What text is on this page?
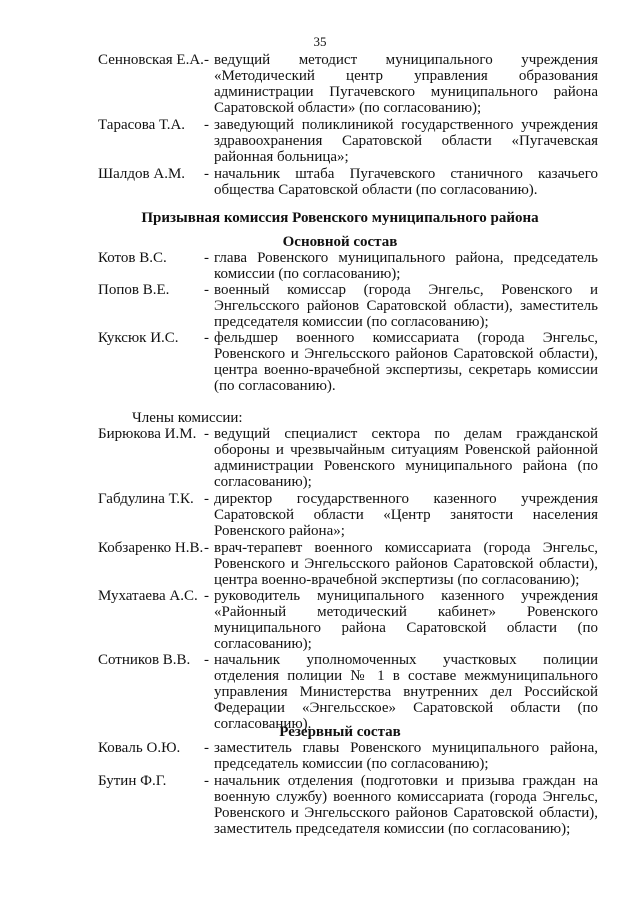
35
Сенновская Е.А. - ведущий методист муниципального учреждения «Методический центр управления образования администрации Пугачевского муниципального района Саратовской области» (по согласованию);
Тарасова Т.А.	- заведующий поликлиникой государственного учреждения здравоохранения Саратовской области «Пугачевская районная больница»;
Шалдов А.М.	- начальник штаба Пугачевского станичного казачьего общества Саратовской области (по согласованию).
Призывная комиссия Ровенского муниципального района
Основной состав
Котов В.С.	- глава Ровенского муниципального района, председатель комиссии (по согласованию);
Попов В.Е.	- военный комиссар (города Энгельс, Ровенского и Энгельсского районов Саратовской области), заместитель председателя комиссии (по согласованию);
Куксюк И.С.	- фельдшер военного комиссариата (города Энгельс, Ровенского и Энгельсского районов Саратовской области), центра военно-врачебной экспертизы, секретарь комиссии (по согласованию).
Члены комиссии:
Бирюкова И.М. - ведущий специалист сектора по делам гражданской обороны и чрезвычайным ситуациям Ровенской районной администрации Ровенского муниципального района (по согласованию);
Габдулина Т.К. - директор государственного казенного учреждения Саратовской области «Центр занятости населения Ровенского района»;
Кобзаренко Н.В. - врач-терапевт военного комиссариата (города Энгельс, Ровенского и Энгельсского районов Саратовской области), центра военно-врачебной экспертизы (по согласованию);
Мухатаева А.С. - руководитель муниципального казенного учреждения «Районный методический кабинет» Ровенского муниципального района Саратовской области (по согласованию);
Сотников В.В. - начальник уполномоченных участковых полиции отделения полиции № 1 в составе межмуниципального управления Министерства внутренних дел Российской Федерации «Энгельсское» Саратовской области (по согласованию).
Резервный состав
Коваль О.Ю.	- заместитель главы Ровенского муниципального района, председатель комиссии (по согласованию);
Бутин Ф.Г.	- начальник отделения (подготовки и призыва граждан на военную службу) военного комиссариата (города Энгельс, Ровенского и Энгельсского районов Саратовской области), заместитель председателя комиссии (по согласованию);
